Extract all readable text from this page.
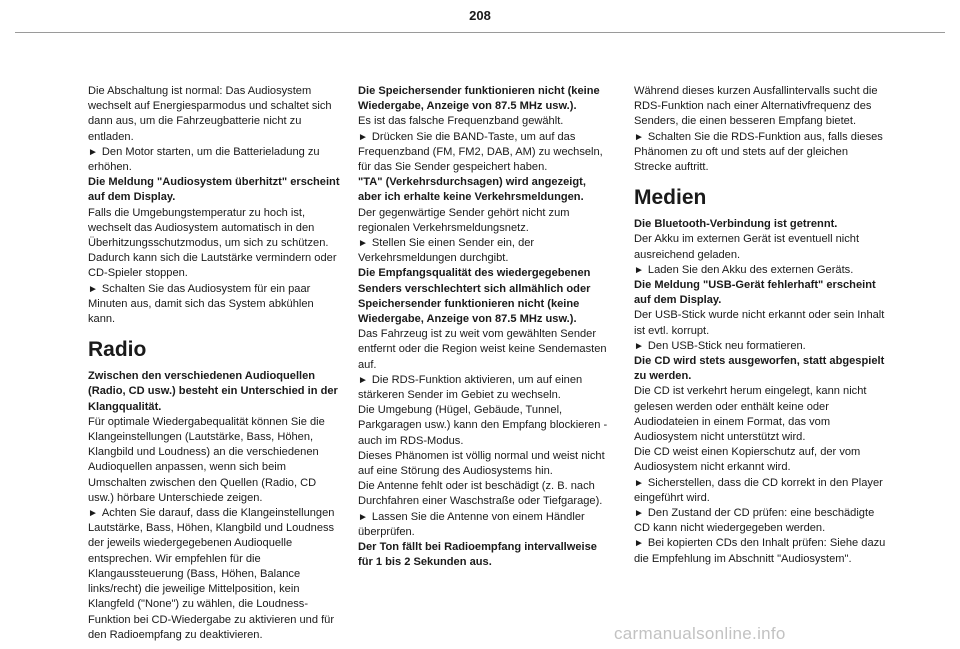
208

Die Abschaltung ist normal: Das Audiosystem wechselt auf Energiesparmodus und schaltet sich dann aus, um die Fahrzeugbatterie nicht zu entladen.

► Den Motor starten, um die Batterieladung zu erhöhen.

Die Meldung "Audiosystem überhitzt" erscheint auf dem Display.

Falls die Umgebungstemperatur zu hoch ist, wechselt das Audiosystem automatisch in den Überhitzungsschutzmodus, um sich zu schützen. Dadurch kann sich die Lautstärke vermindern oder CD-Spieler stoppen.

► Schalten Sie das Audiosystem für ein paar Minuten aus, damit sich das System abkühlen kann.

Radio

Zwischen den verschiedenen Audioquellen (Radio, CD usw.) besteht ein Unterschied in der Klangqualität.

Für optimale Wiedergabequalität können Sie die Klangeinstellungen (Lautstärke, Bass, Höhen, Klangbild und Loudness) an die verschiedenen Audioquellen anpassen, wenn sich beim Umschalten zwischen den Quellen (Radio, CD usw.) hörbare Unterschiede zeigen.

► Achten Sie darauf, dass die Klangeinstellungen Lautstärke, Bass, Höhen, Klangbild und Loudness der jeweils wiedergegebenen Audioquelle entsprechen. Wir empfehlen für die Klangaussteuerung (Bass, Höhen, Balance links/recht) die jeweilige Mittelposition, kein Klangfeld ("None") zu wählen, die Loudness-Funktion bei CD-Wiedergabe zu aktivieren und für den Radioempfang zu deaktivieren.

Die Speichersender funktionieren nicht (keine Wiedergabe, Anzeige von 87.5 MHz usw.).

Es ist das falsche Frequenzband gewählt.

► Drücken Sie die BAND-Taste, um auf das Frequenzband (FM, FM2, DAB, AM) zu wechseln, für das Sie Sender gespeichert haben.

"TA" (Verkehrsdurchsagen) wird angezeigt, aber ich erhalte keine Verkehrsmeldungen.

Der gegenwärtige Sender gehört nicht zum regionalen Verkehrsmeldungsnetz.

► Stellen Sie einen Sender ein, der Verkehrsmeldungen durchgibt.

Die Empfangsqualität des wiedergegebenen Senders verschlechtert sich allmählich oder Speichersender funktionieren nicht (keine Wiedergabe, Anzeige von 87.5 MHz usw.).

Das Fahrzeug ist zu weit vom gewählten Sender entfernt oder die Region weist keine Sendemasten auf.

► Die RDS-Funktion aktivieren, um auf einen stärkeren Sender im Gebiet zu wechseln.

Die Umgebung (Hügel, Gebäude, Tunnel, Parkgaragen usw.) kann den Empfang blockieren - auch im RDS-Modus.

Dieses Phänomen ist völlig normal und weist nicht auf eine Störung des Audiosystems hin.

Die Antenne fehlt oder ist beschädigt (z. B. nach Durchfahren einer Waschstraße oder Tiefgarage).

► Lassen Sie die Antenne von einem Händler überprüfen.

Der Ton fällt bei Radioempfang intervallweise für 1 bis 2 Sekunden aus.

Während dieses kurzen Ausfallintervalls sucht die RDS-Funktion nach einer Alternativfrequenz des Senders, die einen besseren Empfang bietet.

► Schalten Sie die RDS-Funktion aus, falls dieses Phänomen zu oft und stets auf der gleichen Strecke auftritt.

Medien

Die Bluetooth-Verbindung ist getrennt.

Der Akku im externen Gerät ist eventuell nicht ausreichend geladen.

► Laden Sie den Akku des externen Geräts.

Die Meldung "USB-Gerät fehlerhaft" erscheint auf dem Display.

Der USB-Stick wurde nicht erkannt oder sein Inhalt ist evtl. korrupt.

► Den USB-Stick neu formatieren.

Die CD wird stets ausgeworfen, statt abgespielt zu werden.

Die CD ist verkehrt herum eingelegt, kann nicht gelesen werden oder enthält keine oder Audiodateien in einem Format, das vom Audiosystem nicht unterstützt wird.

Die CD weist einen Kopierschutz auf, der vom Audiosystem nicht erkannt wird.

► Sicherstellen, dass die CD korrekt in den Player eingeführt wird.

► Den Zustand der CD prüfen: eine beschädigte CD kann nicht wiedergegeben werden.

► Bei kopierten CDs den Inhalt prüfen: Siehe dazu die Empfehlung im Abschnitt "Audiosystem".

carmanualsonline.info
